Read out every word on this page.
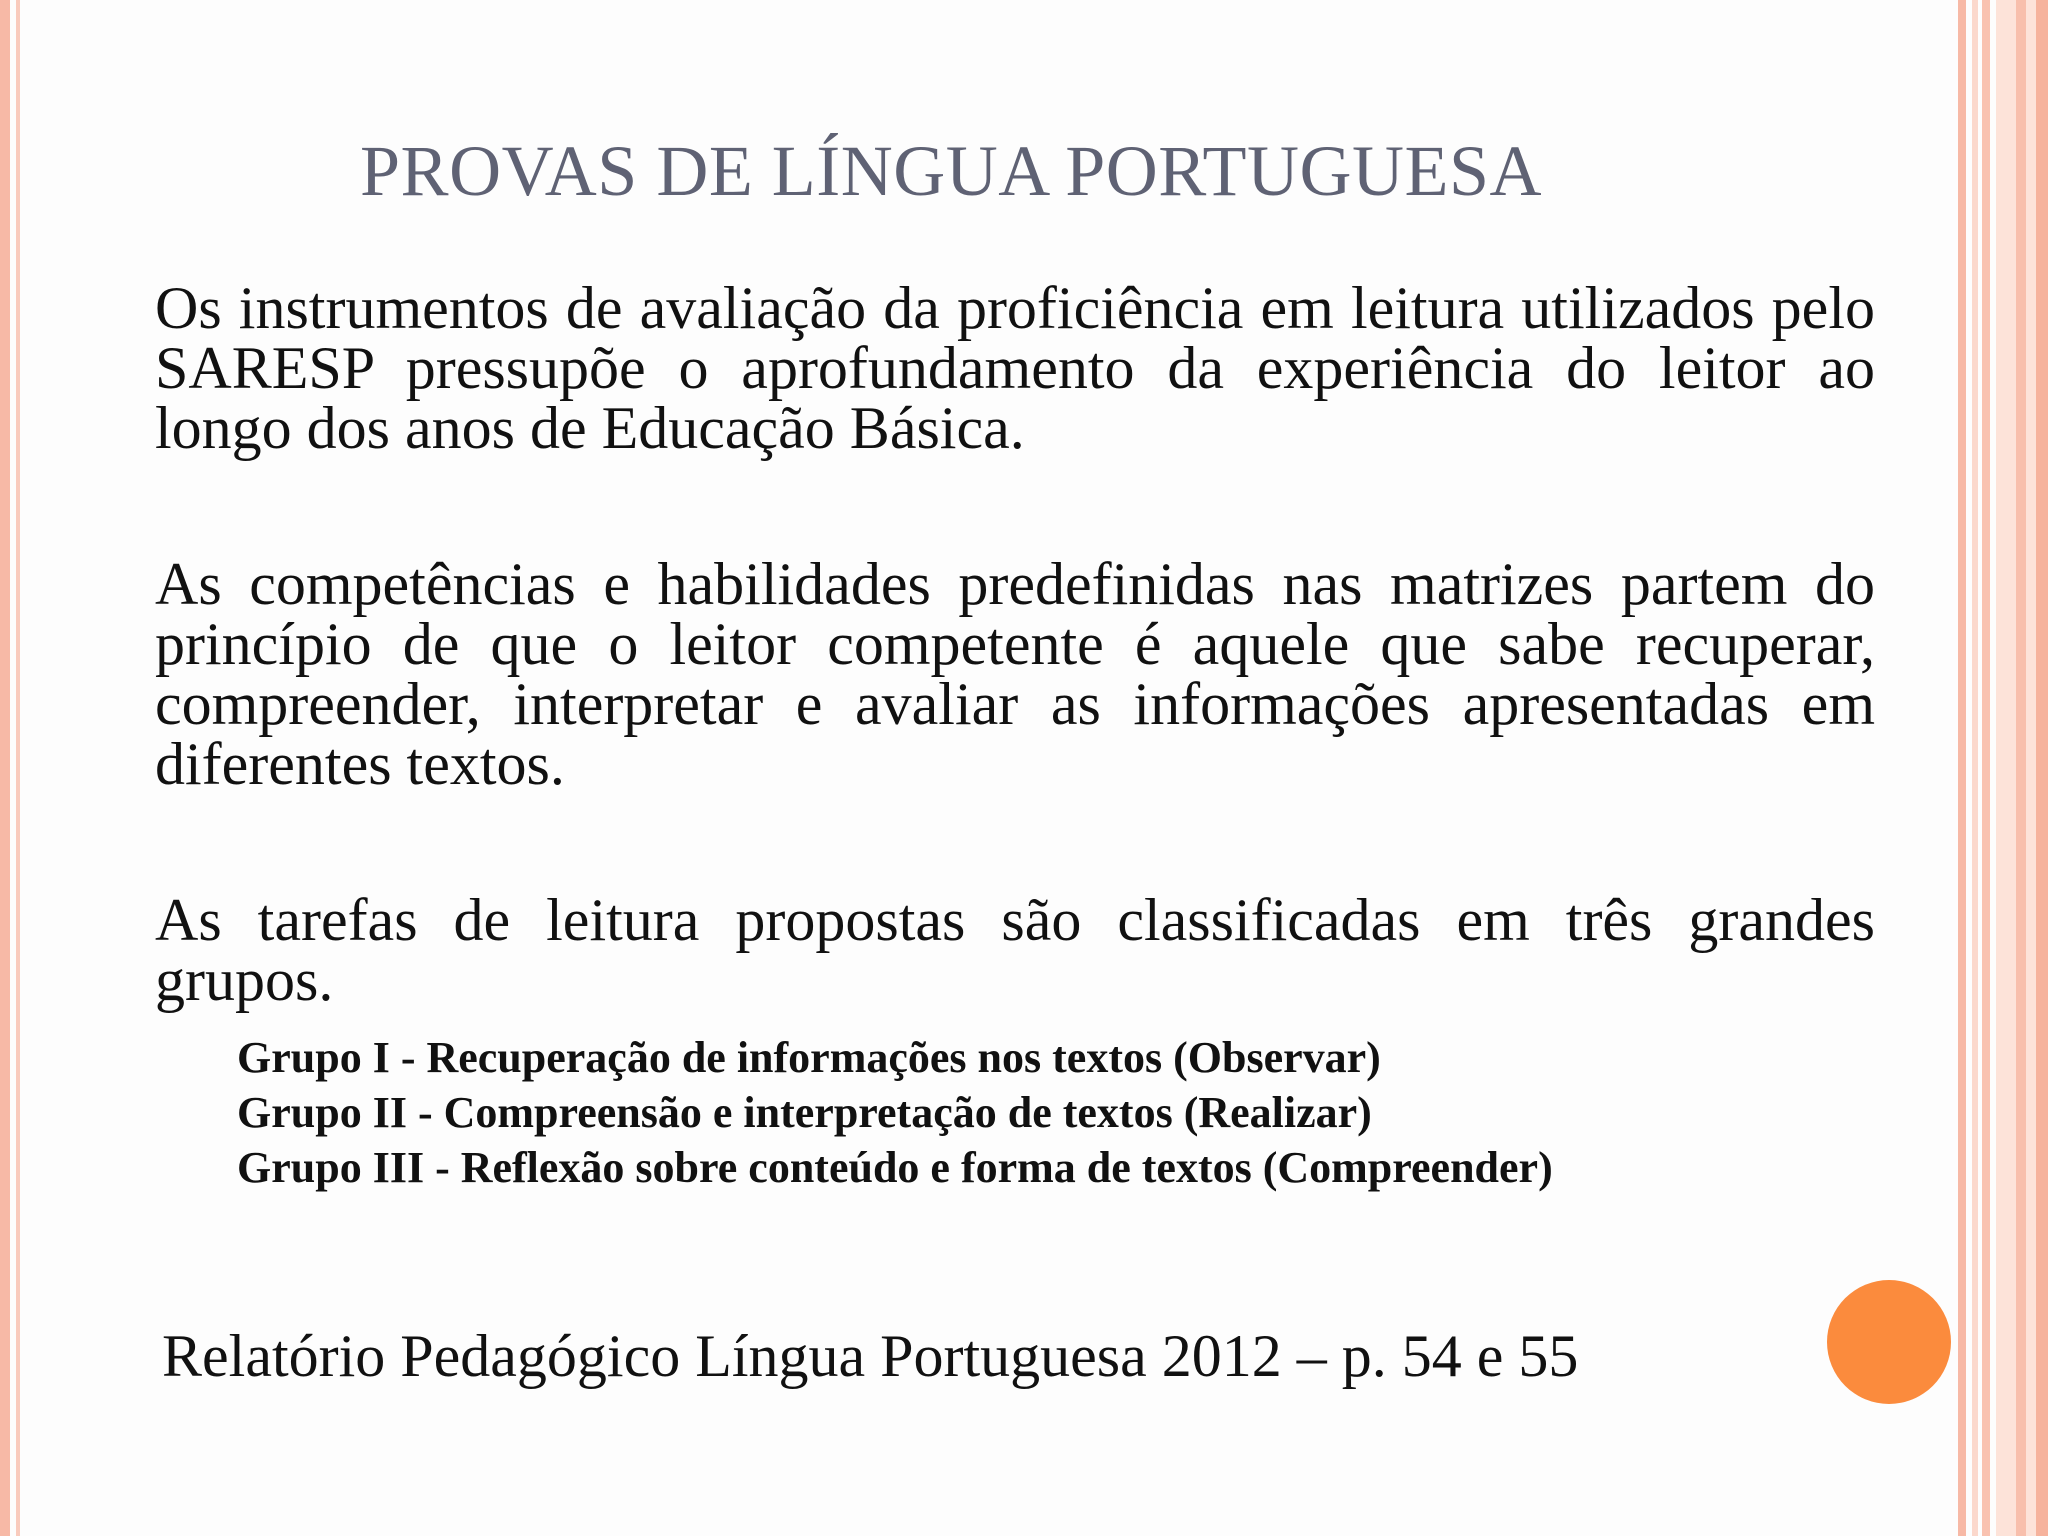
PROVAS DE LÍNGUA PORTUGUESA

Os instrumentos de avaliação da proficiência em leitura utilizados pelo SARESP pressupõe o aprofundamento da experiência do leitor ao longo dos anos de Educação Básica.

As competências e habilidades predefinidas nas matrizes partem do princípio de que o leitor competente é aquele que sabe recuperar, compreender, interpretar e avaliar as informações apresentadas em diferentes textos.

As tarefas de leitura propostas são classificadas em três grandes grupos.

Grupo I - Recuperação de informações nos textos (Observar)
Grupo II - Compreensão e interpretação de textos (Realizar)
Grupo III - Reflexão sobre conteúdo e forma de textos (Compreender)
Relatório Pedagógico Língua Portuguesa 2012 – p. 54 e 55
